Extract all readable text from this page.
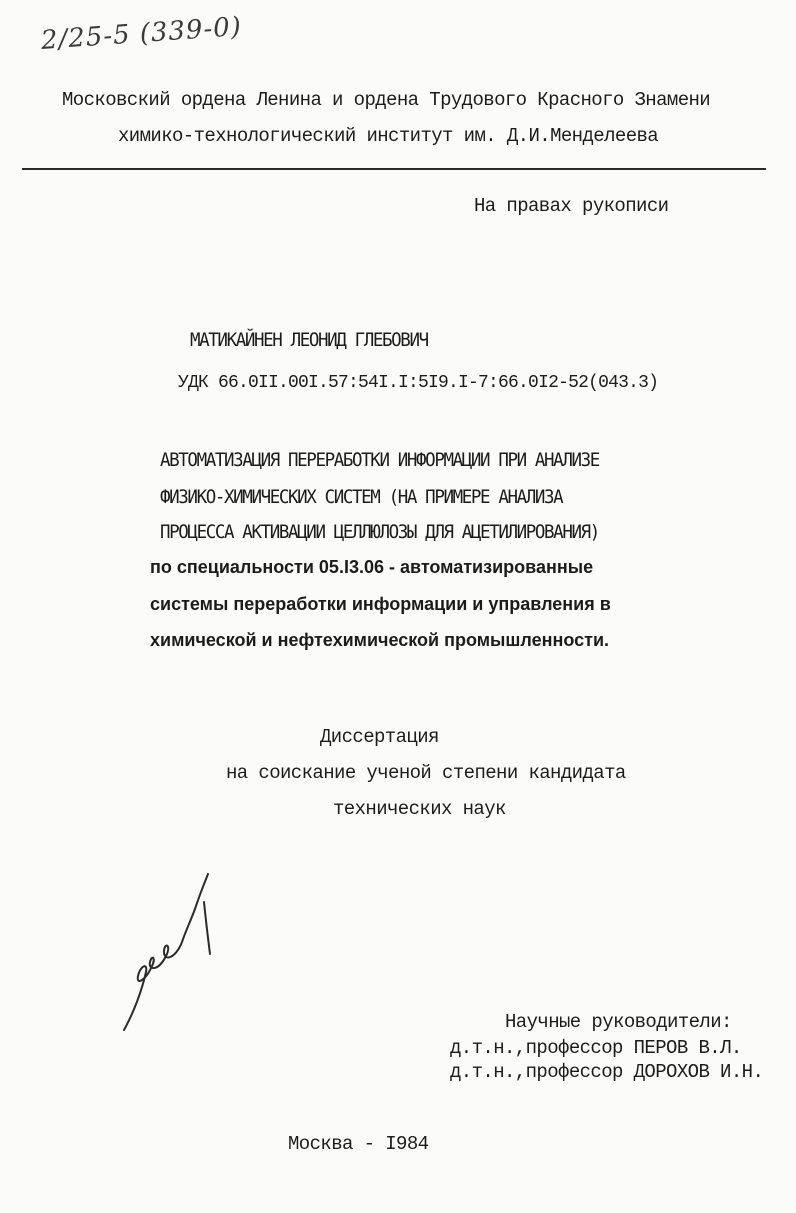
2/25-5 (339-0)
Московский ордена Ленина и ордена Трудового Красного Знамени
химико-технологический институт им. Д.И.Менделеева
На правах рукописи
МАТИКАЙНЕН ЛЕОНИД ГЛЕБОВИЧ
УДК 66.0II.00I.57:54I.I:5I9.I-7:66.0I2-52(043.3)
АВТОМАТИЗАЦИЯ ПЕРЕРАБОТКИ ИНФОРМАЦИИ ПРИ АНАЛИЗЕ
ФИЗИКО-ХИМИЧЕСКИХ СИСТЕМ (НА ПРИМЕРЕ АНАЛИЗА
ПРОЦЕССА АКТИВАЦИИ ЦЕЛЛЮЛОЗЫ ДЛЯ АЦЕТИЛИРОВАНИЯ)
по специальности 05.I3.06 - автоматизированные
системы переработки информации и управления в
химической и нефтехимической промышленности.
Диссертация
на соискание ученой степени кандидата
технических наук
Научные руководители:
д.т.н.,профессор ПЕРОВ В.Л.
д.т.н.,профессор ДОРОХОВ И.Н.
Москва - I984
